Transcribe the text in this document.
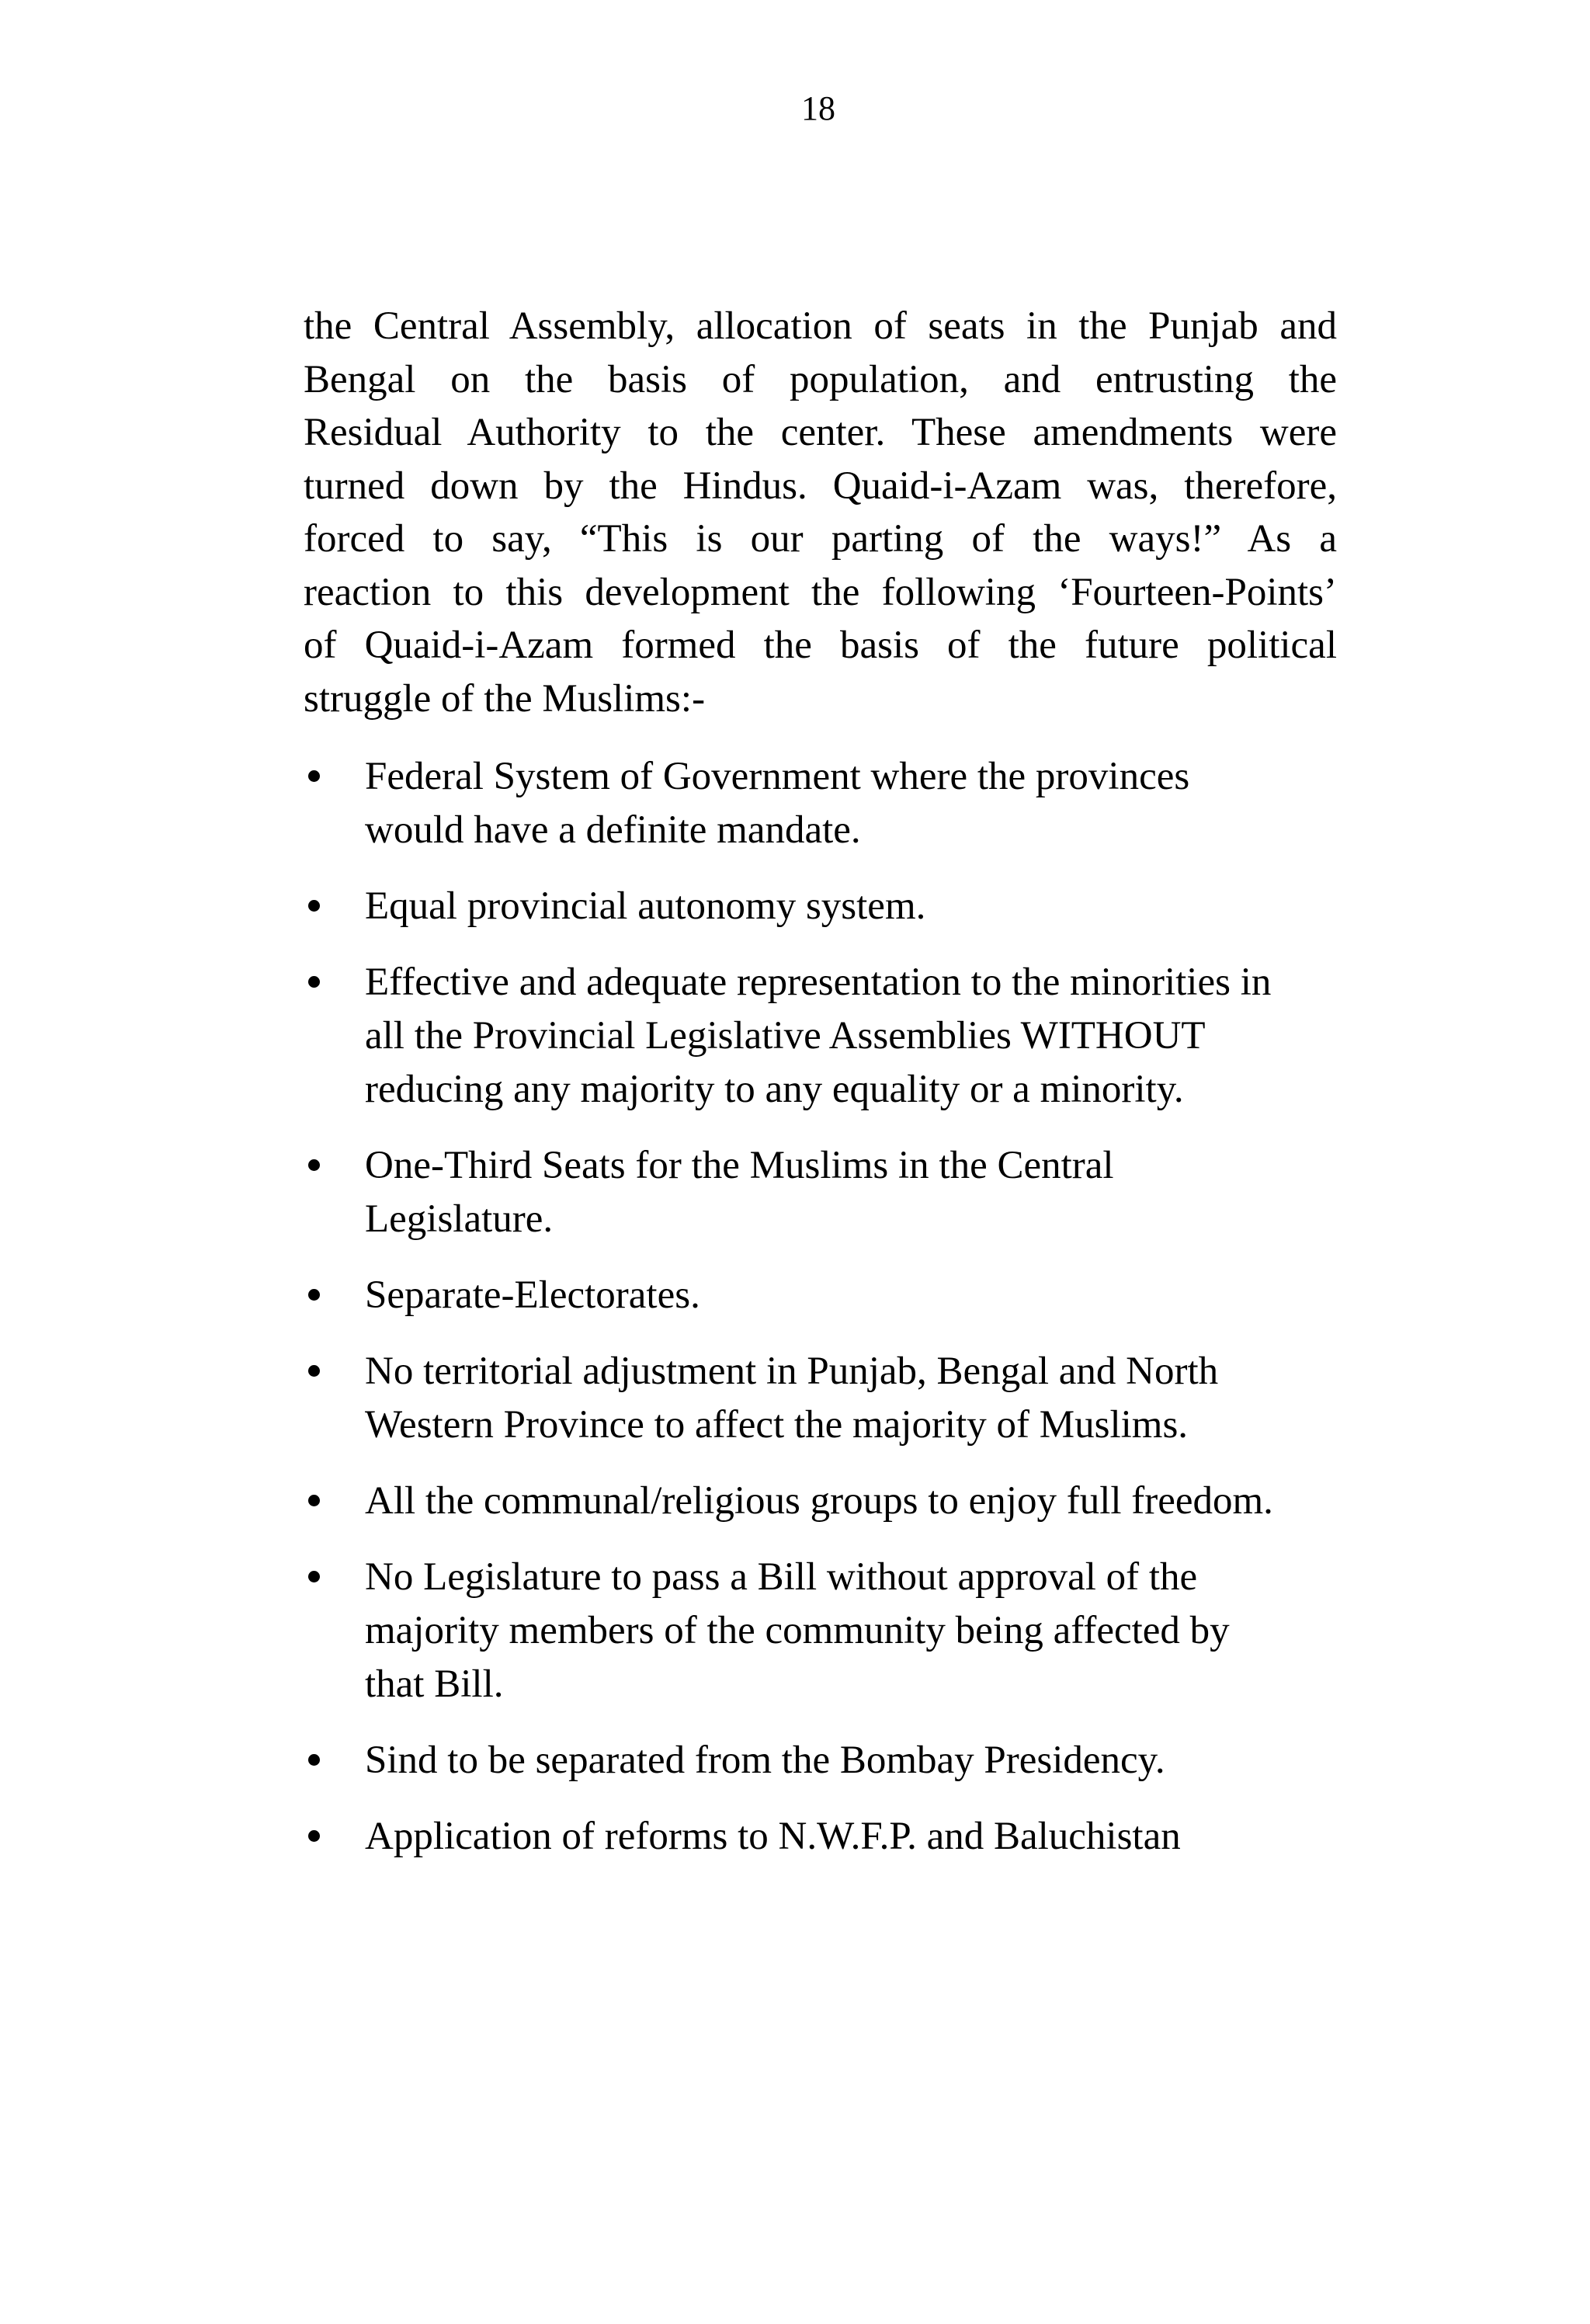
18

the Central Assembly, allocation of seats in the Punjab and
Bengal on the basis of population, and entrusting the
Residual Authority to the center. These amendments were
turned down by the Hindus. Quaid-i-Azam was, therefore,
forced to say, “This is our parting of the ways!” As a
reaction to this development the following ‘Fourteen-Points’
of Quaid-i-Azam formed the basis of the future political
struggle of the Muslims:-

Federal System of Government where the provinces
would have a definite mandate.
Equal provincial autonomy system.
Effective and adequate representation to the minorities in
all the Provincial Legislative Assemblies WITHOUT
reducing any majority to any equality or a minority.
One-Third Seats for the Muslims in the Central
Legislature.
Separate-Electorates.
No territorial adjustment in Punjab, Bengal and North
Western Province to affect the majority of Muslims.
All the communal/religious groups to enjoy full freedom.
No Legislature to pass a Bill without approval of the
majority members of the community being affected by
that Bill.
Sind to be separated from the Bombay Presidency.
Application of reforms to N.W.F.P. and Baluchistan
